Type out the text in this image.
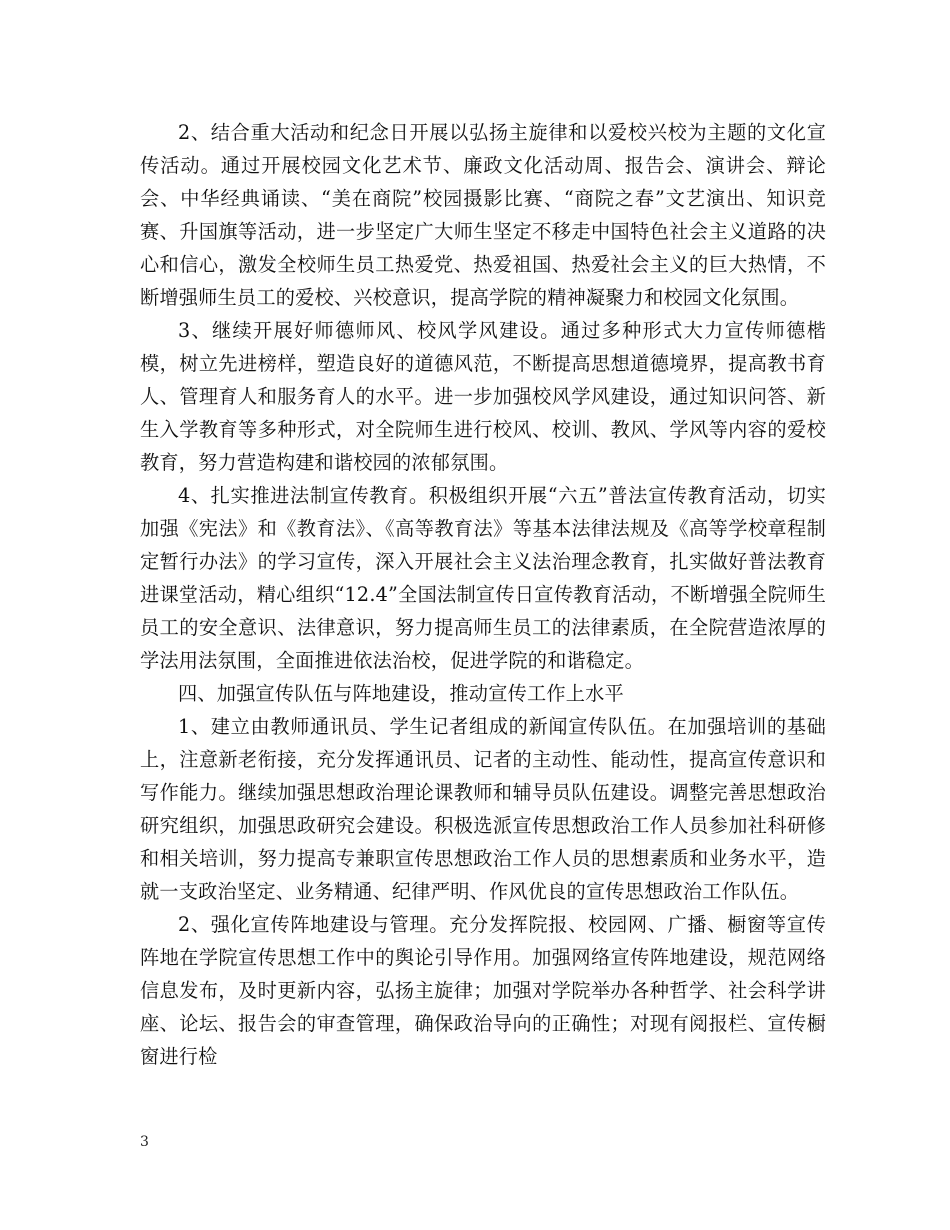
2、结合重大活动和纪念日开展以弘扬主旋律和以爱校兴校为主题的文化宣传活动。通过开展校园文化艺术节、廉政文化活动周、报告会、演讲会、辩论会、中华经典诵读、“美在商院”校园摄影比赛、“商院之春”文艺演出、知识竞赛、升国旗等活动，进一步坚定广大师生坚定不移走中国特色社会主义道路的决心和信心，激发全校师生员工热爱党、热爱祖国、热爱社会主义的巨大热情，不断增强师生员工的爱校、兴校意识，提高学院的精神凝聚力和校园文化氛围。

3、继续开展好师德师风、校风学风建设。通过多种形式大力宣传师德楷模，树立先进榜样，塑造良好的道德风范，不断提高思想道德境界，提高教书育人、管理育人和服务育人的水平。进一步加强校风学风建设，通过知识问答、新生入学教育等多种形式，对全院师生进行校风、校训、教风、学风等内容的爱校教育，努力营造构建和谐校园的浓郁氛围。

4、扎实推进法制宣传教育。积极组织开展“六五”普法宣传教育活动，切实加强《宪法》和《教育法》、《高等教育法》等基本法律法规及《高等学校章程制定暂行办法》的学习宣传，深入开展社会主义法治理念教育，扎实做好普法教育进课堂活动，精心组织“12.4”全国法制宣传日宣传教育活动，不断增强全院师生员工的安全意识、法律意识，努力提高师生员工的法律素质，在全院营造浓厚的学法用法氛围，全面推进依法治校，促进学院的和谐稳定。

四、加强宣传队伍与阵地建设，推动宣传工作上水平

1、建立由教师通讯员、学生记者组成的新闻宣传队伍。在加强培训的基础上，注意新老衔接，充分发挥通讯员、记者的主动性、能动性，提高宣传意识和写作能力。继续加强思想政治理论课教师和辅导员队伍建设。调整完善思想政治研究组织，加强思政研究会建设。积极选派宣传思想政治工作人员参加社科研修和相关培训，努力提高专兼职宣传思想政治工作人员的思想素质和业务水平，造就一支政治坚定、业务精通、纪律严明、作风优良的宣传思想政治工作队伍。

2、强化宣传阵地建设与管理。充分发挥院报、校园网、广播、橱窗等宣传阵地在学院宣传思想工作中的舆论引导作用。加强网络宣传阵地建设，规范网络信息发布，及时更新内容，弘扬主旋律；加强对学院举办各种哲学、社会科学讲座、论坛、报告会的审查管理，确保政治导向的正确性；对现有阅报栏、宣传橱窗进行检

3
